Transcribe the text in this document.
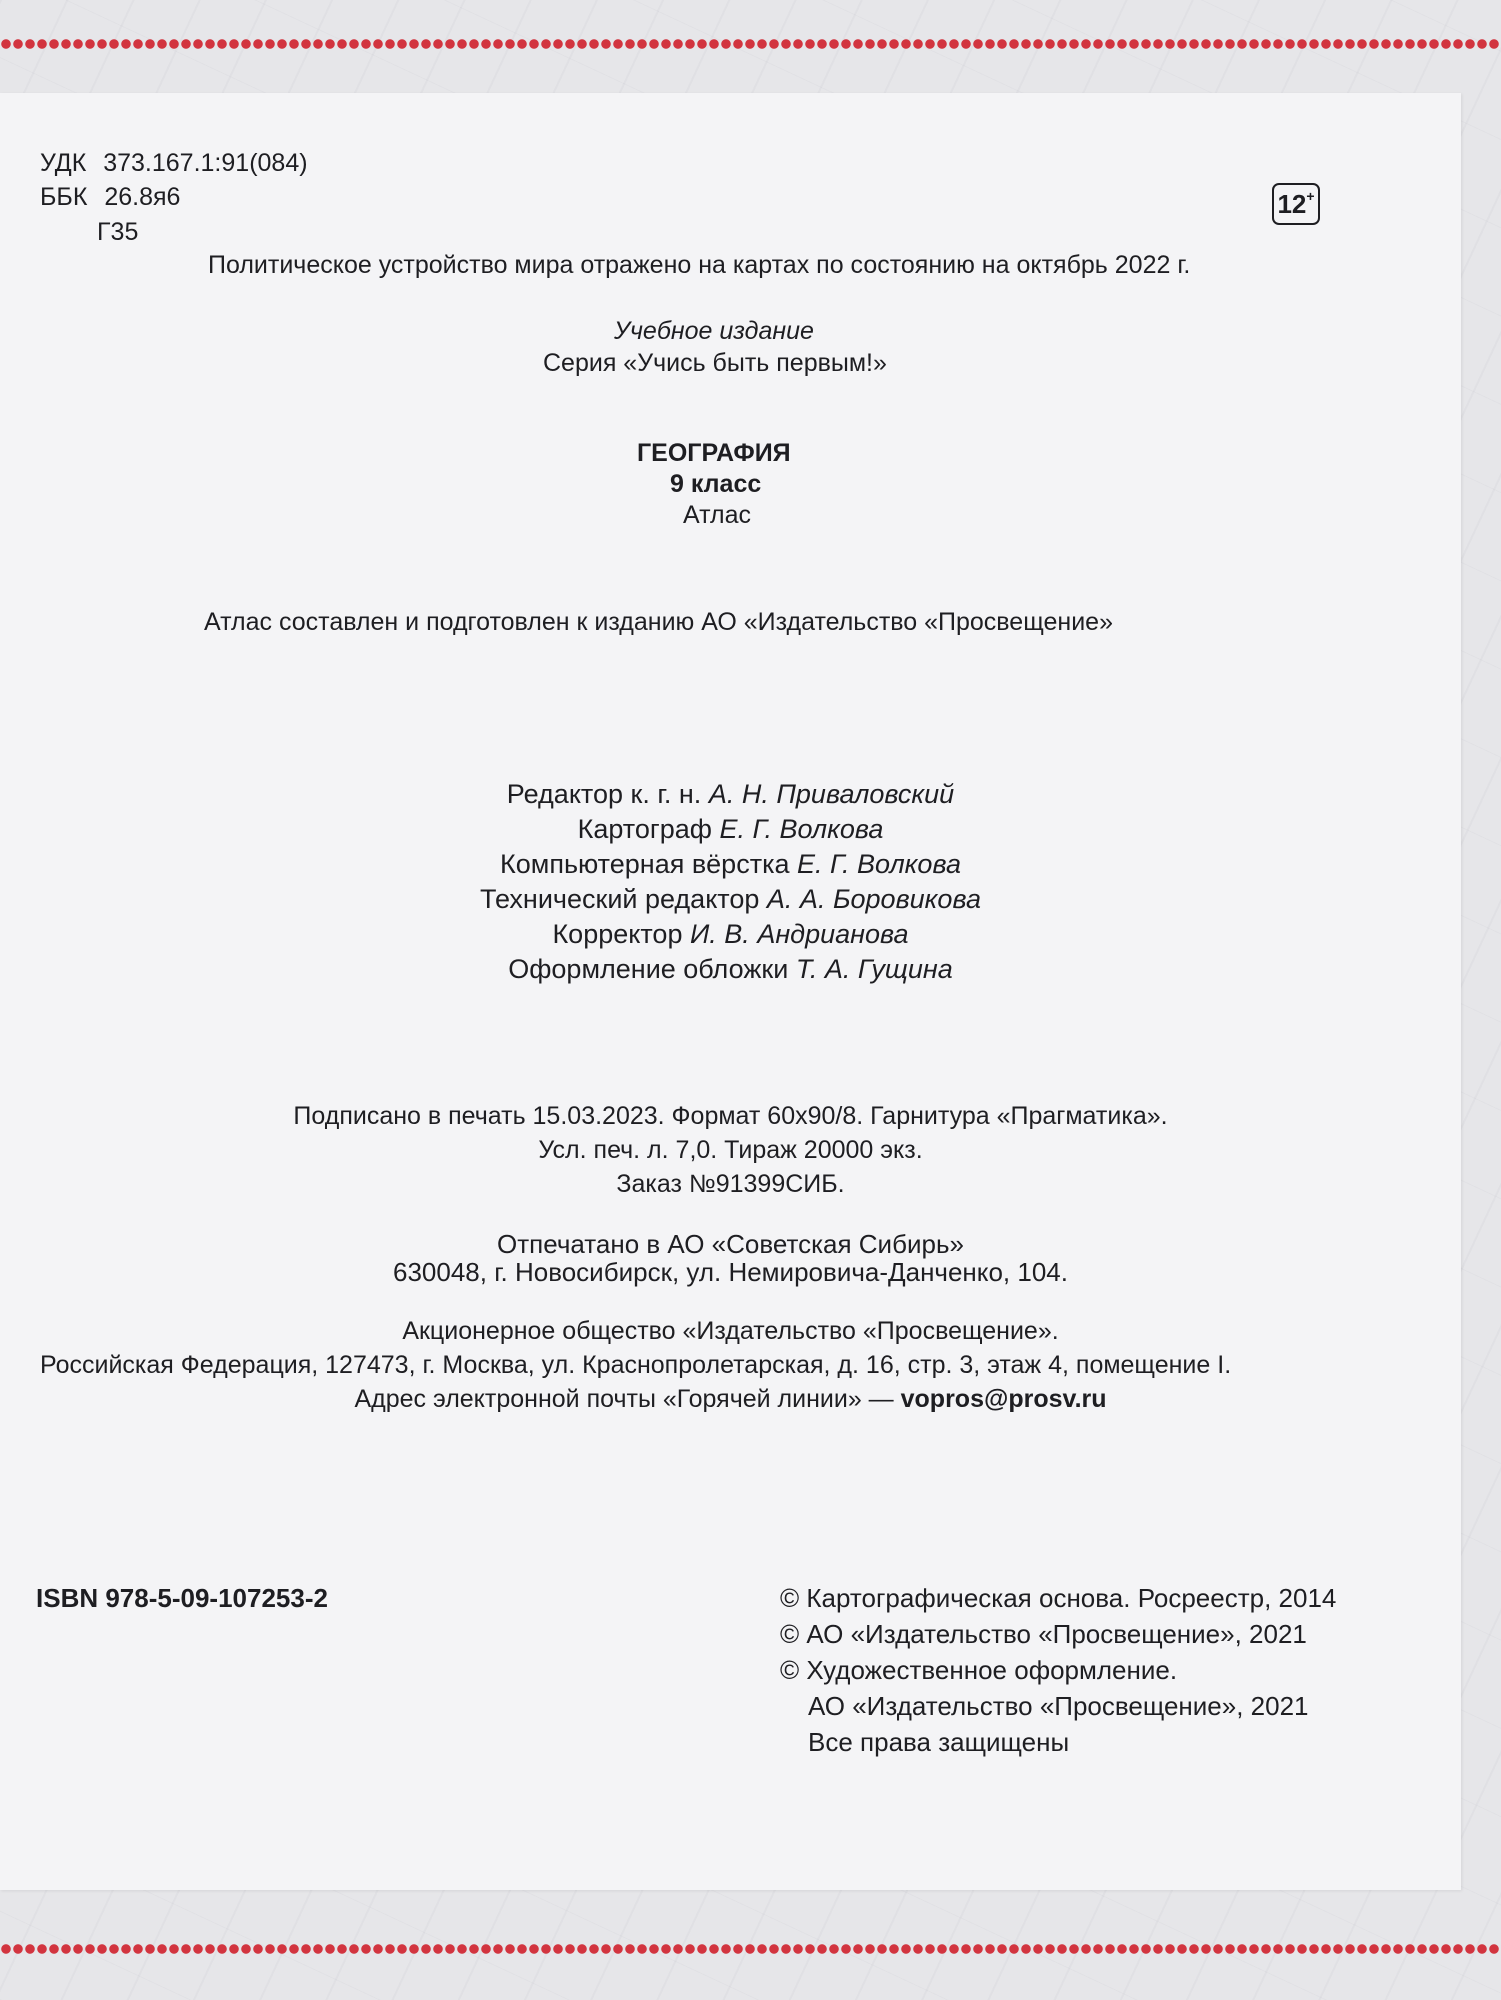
УДК 373.167.1:91(084)
ББК 26.8я6
Г35
12+
Политическое устройство мира отражено на картах по состоянию на октябрь 2022 г.
Учебное издание
Серия «Учись быть первым!»
ГЕОГРАФИЯ
9 класс
Атлас
Атлас составлен и подготовлен к изданию АО «Издательство «Просвещение»
Редактор к. г. н. А. Н. Приваловский
Картограф Е. Г. Волкова
Компьютерная вёрстка Е. Г. Волкова
Технический редактор А. А. Боровикова
Корректор И. В. Андрианова
Оформление обложки Т. А. Гущина
Подписано в печать 15.03.2023. Формат 60x90/8. Гарнитура «Прагматика».
Усл. печ. л. 7,0. Тираж 20000 экз.
Заказ №91399СИБ.
Отпечатано в АО «Советская Сибирь»
630048, г. Новосибирск, ул. Немировича-Данченко, 104.
Акционерное общество «Издательство «Просвещение».
Российская Федерация, 127473, г. Москва, ул. Краснопролетарская, д. 16, стр. 3, этаж 4, помещение I.
Адрес электронной почты «Горячей линии» — vopros@prosv.ru
ISBN 978-5-09-107253-2	© Картографическая основа. Росреестр, 2014
© АО «Издательство «Просвещение», 2021
© Художественное оформление.
АО «Издательство «Просвещение», 2021
Все права защищены
